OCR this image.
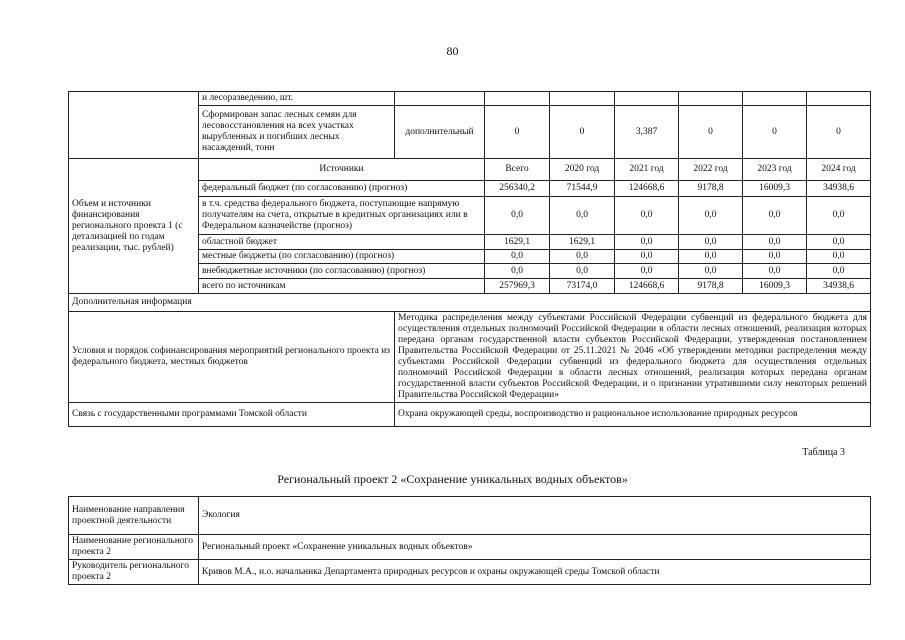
80
	и лесоразведению, шт.							
	Сформирован запас лесных семян для лесовосстановления на всех участках вырубленных и погибших лесных насаждений, тонн	дополнительный	0	0	3,387	0	0	0
Объем и источники финансирования регионального проекта 1 (с детализацией по годам реализации, тыс. рублей)	Источники		Всего	2020 год	2021 год	2022 год	2023 год	2024 год
	федеральный бюджет (по согласованию) (прогноз)		256340,2	71544,9	124668,6	9178,8	16009,3	34938,6
	в т.ч. средства федерального бюджета, поступающие напрямую получателям на счета, открытые в кредитных организациях или в Федеральном казначействе (прогноз)		0,0	0,0	0,0	0,0	0,0	0,0
	областной бюджет		1629,1	1629,1	0,0	0,0	0,0	0,0
	местные бюджеты (по согласованию) (прогноз)		0,0	0,0	0,0	0,0	0,0	0,0
	внебюджетные источники (по согласованию) (прогноз)		0,0	0,0	0,0	0,0	0,0	0,0
	всего по источникам		257969,3	73174,0	124668,6	9178,8	16009,3	34938,6
Дополнительная информация								
Условия и порядок софинансирования мероприятий регионального проекта из федерального бюджета, местных бюджетов		Методика распределения между субъектами Российской Федерации субвенций из федерального бюджета для осуществления отдельных полномочий Российской Федерации в области лесных отношений, реализация которых передана органам государственной власти субъектов Российской Федерации, утвержденная постановлением Правительства Российской Федерации от 25.11.2021 № 2046 «Об утверждении методики распределения между субъектами Российской Федерации субвенций из федерального бюджета для осуществления отдельных полномочий Российской Федерации в области лесных отношений, реализация которых передана органам государственной власти субъектов Российской Федерации, и о признании утратившими силу некоторых решений Правительства Российской Федерации»						
Связь с государственными программами Томской области		Охрана окружающей среды, воспроизводство и рациональное использование природных ресурсов						
Таблица 3
Региональный проект 2 «Сохранение уникальных водных объектов»
Наименование направления проектной деятельности	Экология
Наименование регионального проекта 2	Региональный проект «Сохранение уникальных водных объектов»
Руководитель регионального проекта 2	Кривов М.А., и.о. начальника Департамента природных ресурсов и охраны окружающей среды Томской области
